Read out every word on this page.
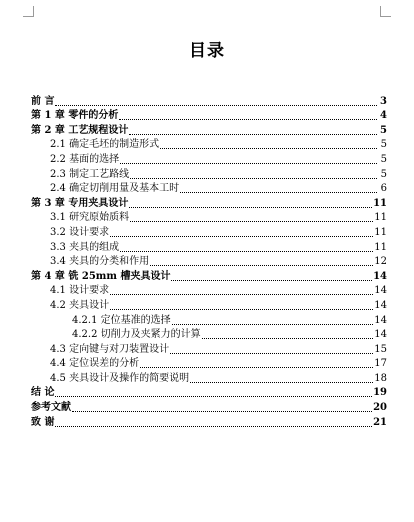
目录
前 言	3
第 1 章 零件的分析	4
第 2 章 工艺规程设计	5
2.1 确定毛坯的制造形式	5
2.2 基面的选择	5
2.3 制定工艺路线	5
2.4 确定切削用量及基本工时	6
第 3 章 专用夹具设计	11
3.1 研究原始质料	11
3.2 设计要求	11
3.3 夹具的组成	11
3.4 夹具的分类和作用	12
第 4 章 铣 25mm 槽夹具设计	14
4.1 设计要求	14
4.2 夹具设计	14
4.2.1 定位基准的选择	14
4.2.2 切削力及夹紧力的计算	14
4.3 定向键与对刀装置设计	15
4.4 定位误差的分析	17
4.5 夹具设计及操作的简要说明	18
结 论	19
参考文献	20
致 谢	21
